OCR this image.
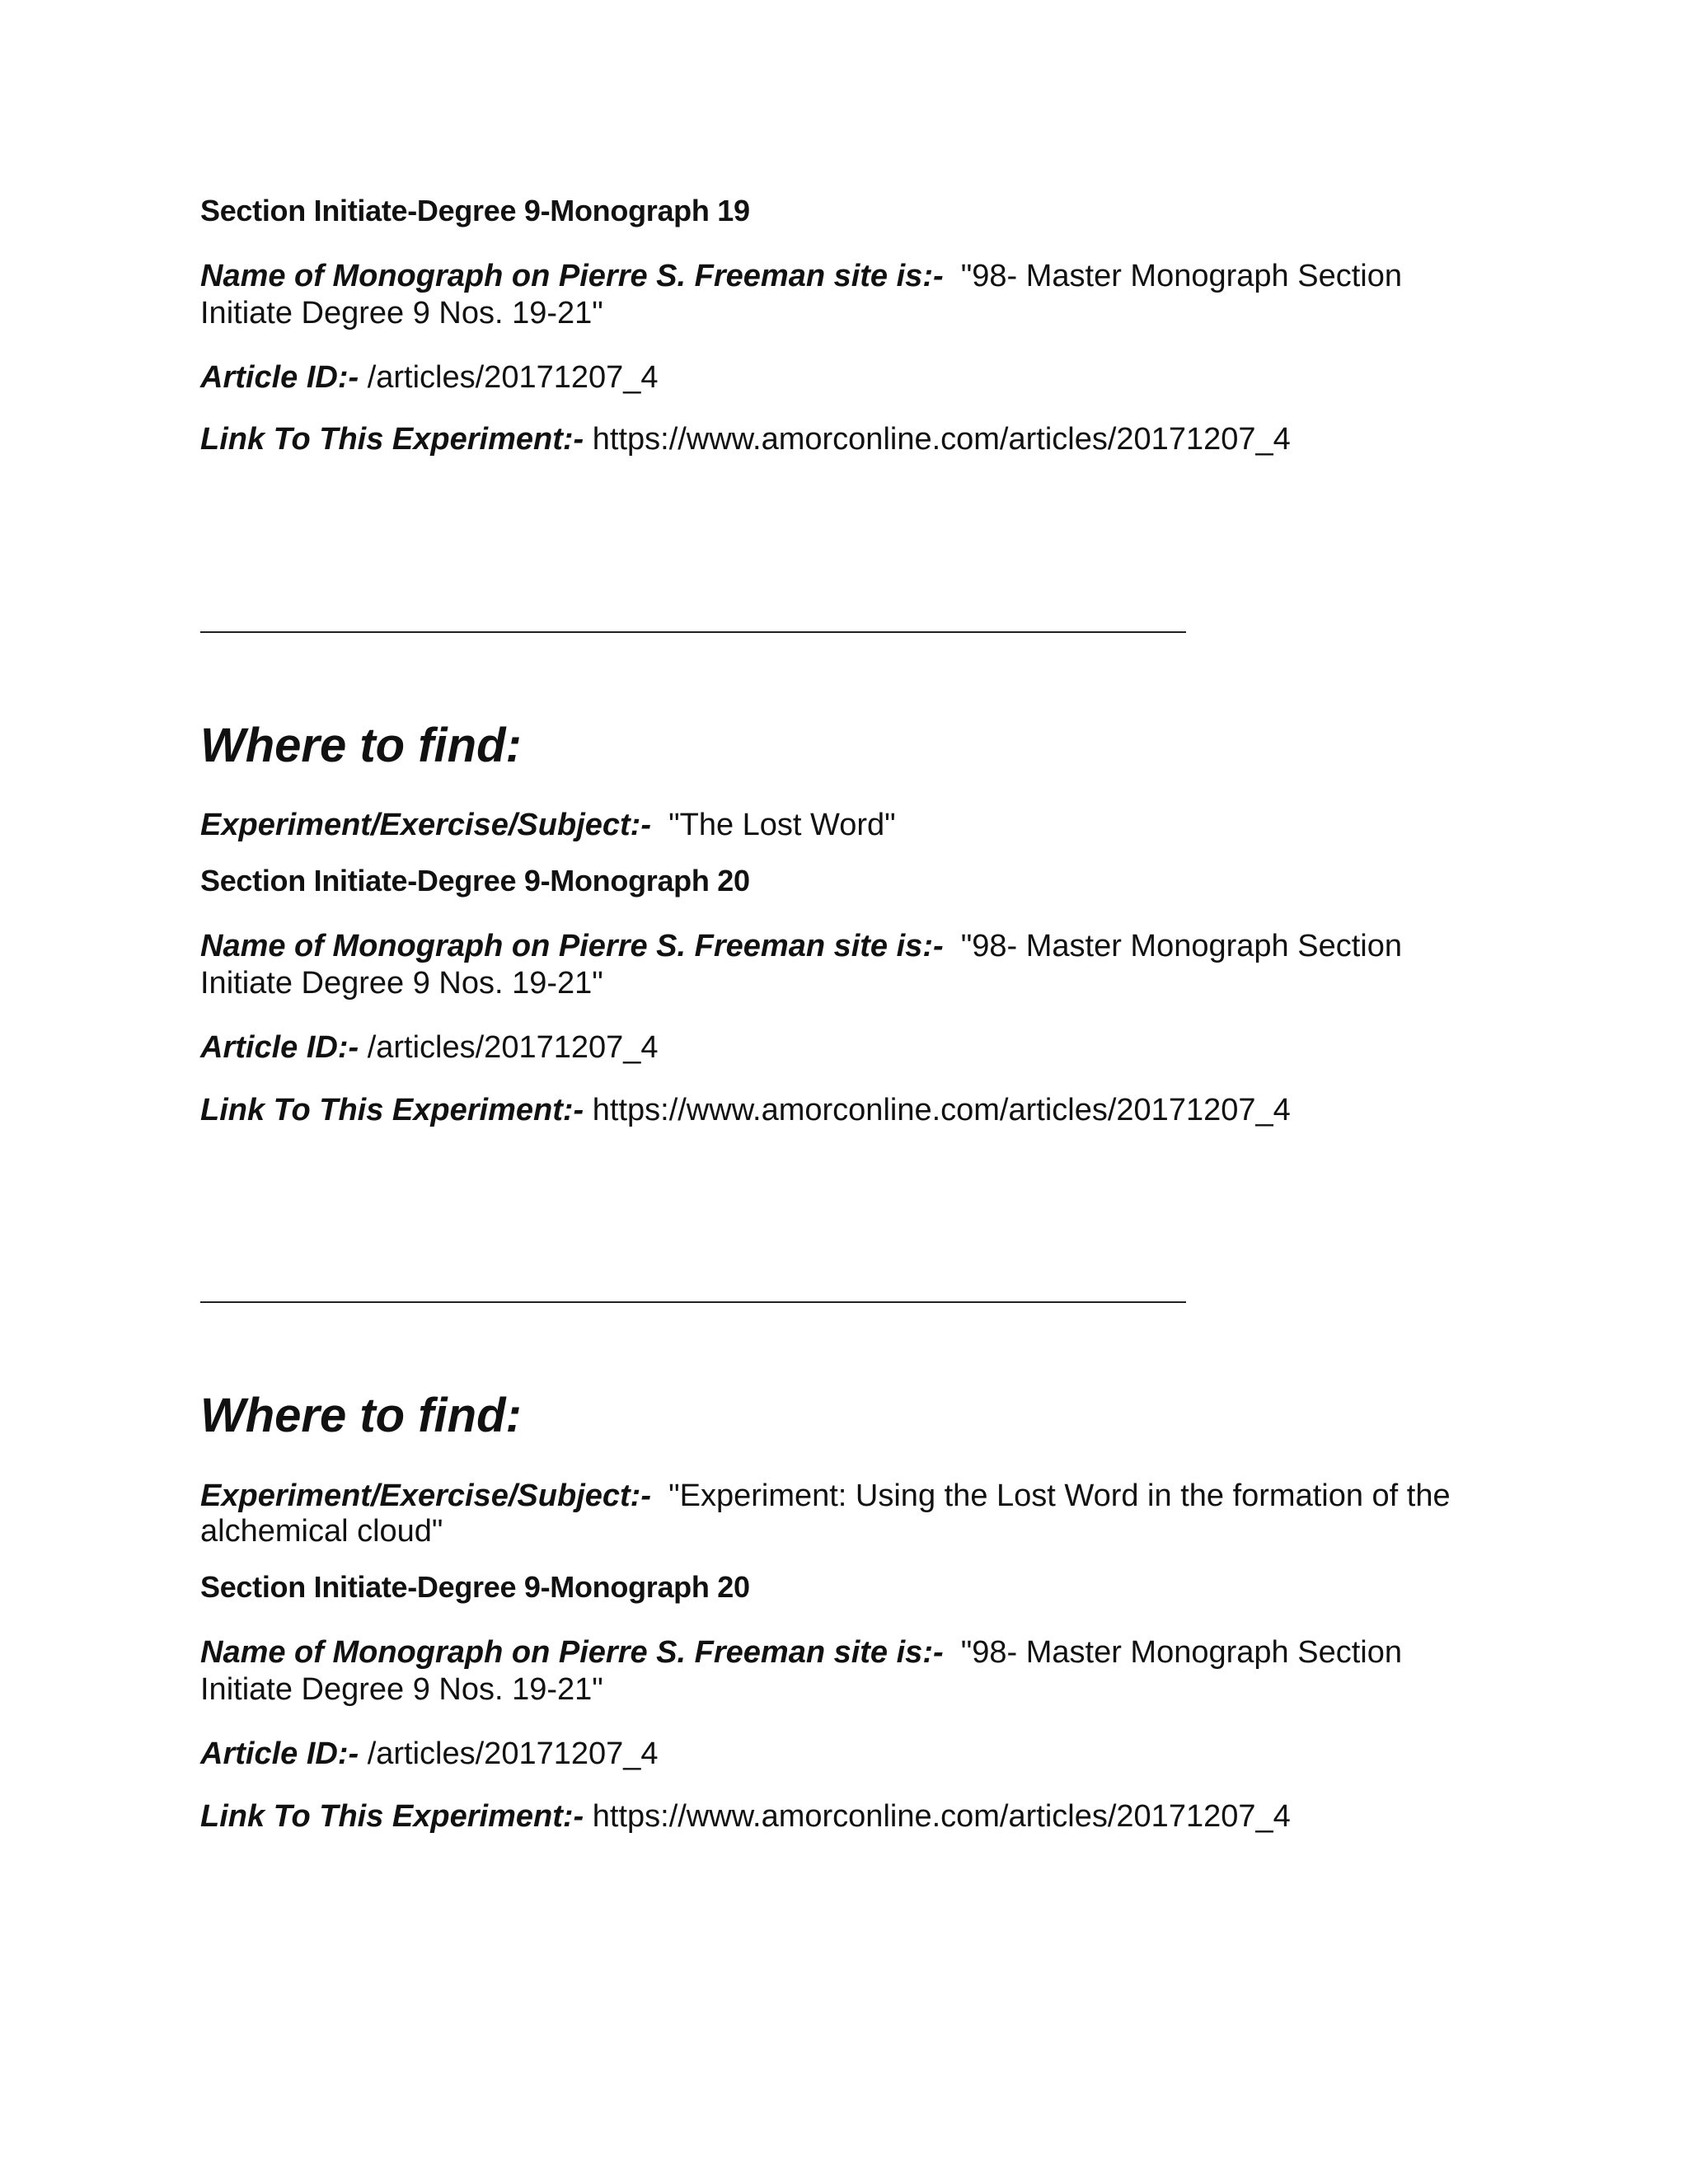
Section Initiate-Degree 9-Monograph 19
Name of Monograph on Pierre S. Freeman site is:- "98- Master Monograph Section
Initiate Degree 9 Nos. 19-21"
Article ID:- /articles/20171207_4
Link To This Experiment:- https://www.amorconline.com/articles/20171207_4
Where to find:
Experiment/Exercise/Subject:- "The Lost Word"
Section Initiate-Degree 9-Monograph 20
Name of Monograph on Pierre S. Freeman site is:- "98- Master Monograph Section
Initiate Degree 9 Nos. 19-21"
Article ID:- /articles/20171207_4
Link To This Experiment:- https://www.amorconline.com/articles/20171207_4
Where to find:
Experiment/Exercise/Subject:- "Experiment: Using the Lost Word in the formation of the
alchemical cloud"
Section Initiate-Degree 9-Monograph 20
Name of Monograph on Pierre S. Freeman site is:- "98- Master Monograph Section
Initiate Degree 9 Nos. 19-21"
Article ID:- /articles/20171207_4
Link To This Experiment:- https://www.amorconline.com/articles/20171207_4
